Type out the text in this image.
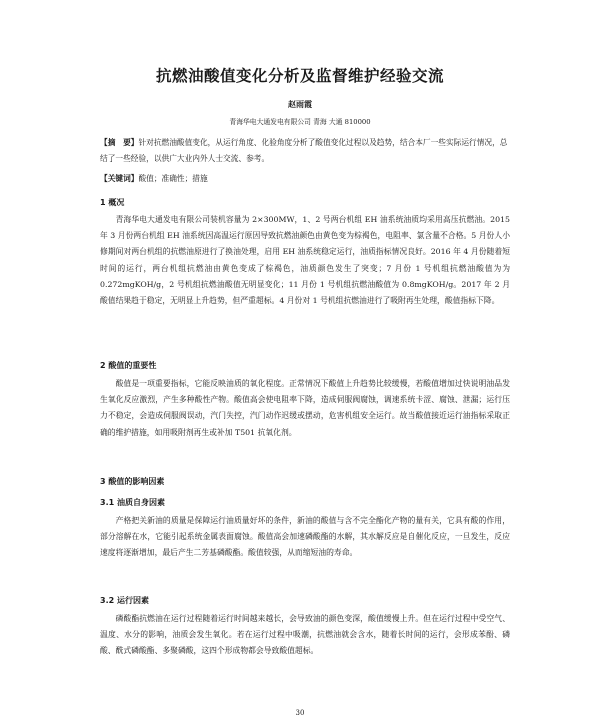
抗燃油酸值变化分析及监督维护经验交流
赵雨霞
青海华电大通发电有限公司 青海 大通 810000
【摘　要】针对抗燃油酸值变化，从运行角度、化验角度分析了酸值变化过程以及趋势，结合本厂一些实际运行情况，总结了一些经验，以供广大业内外人士交流、参考。
【关键词】酸值；准确性；措施
1 概况
青海华电大通发电有限公司装机容量为 2×300MW，1、2 号两台机组 EH 油系统油质均采用高压抗燃油。2015 年 3 月份两台机组 EH 油系统因高温运行原因导致抗燃油颜色由黄色变为棕褐色，电阻率、氯含量不合格。5 月份人小修期间对两台机组的抗燃油原进行了换油处理，启用 EH 油系统稳定运行，油质指标情况良好。2016 年 4 月份随着短时间的运行，两台机组抗燃油由黄色变成了棕褐色，油质颜色发生了突变；7 月份 1 号机组抗燃油酸值为为 0.272mgKOH/g，2 号机组抗燃油酸值无明显变化；11 月份 1 号机组抗燃油酸值为 0.8mgKOH/g。2017 年 2 月酸值结果趋于稳定，无明显上升趋势，但严重超标。4 月份对 1 号机组抗燃油进行了吸附再生处理，酸值指标下降。
2 酸值的重要性
酸值是一项重要指标，它能反映油质的氧化程度。正常情况下酸值上升趋势比较缓慢，若酸值增加过快说明油品发生氧化反应激烈，产生多种酸性产物。酸值高会使电阻率下降，造成伺服阀腐蚀，调速系统卡涩、腐蚀、泄漏；运行压力不稳定，会造成伺服阀误动，汽门失控，汽门动作迟缓或摆动，危害机组安全运行。故当酸值接近运行油指标采取正确的维护措施，如用吸附剂再生或补加 T501 抗氧化剂。
3 酸值的影响因素
3.1 油质自身因素
产格把关新油的质量是保障运行油质量好坏的条件，新油的酸值与含不完全酯化产物的量有关，它具有酸的作用，部分溶解在水，它能引起系统金属表面腐蚀。酸值高会加速磷酸酯的水解，其水解反应是自催化反应，一旦发生，反应速度将逐渐增加，最后产生二芳基磷酸酯。酸值较强，从而缩短油的寿命。
3.2 运行因素
磷酸酯抗燃油在运行过程随着运行时间越来越长，会导致油的颜色变深，酸值缓慢上升。但在运行过程中受空气、温度、水分的影响，油质会发生氧化。若在运行过程中吸潮，抗燃油就会含水，随着长时间的运行，会形成苯酚、磷酸、酰式磷酸酯、多聚磷酸，这四个形成物都会导致酸值超标。
30
